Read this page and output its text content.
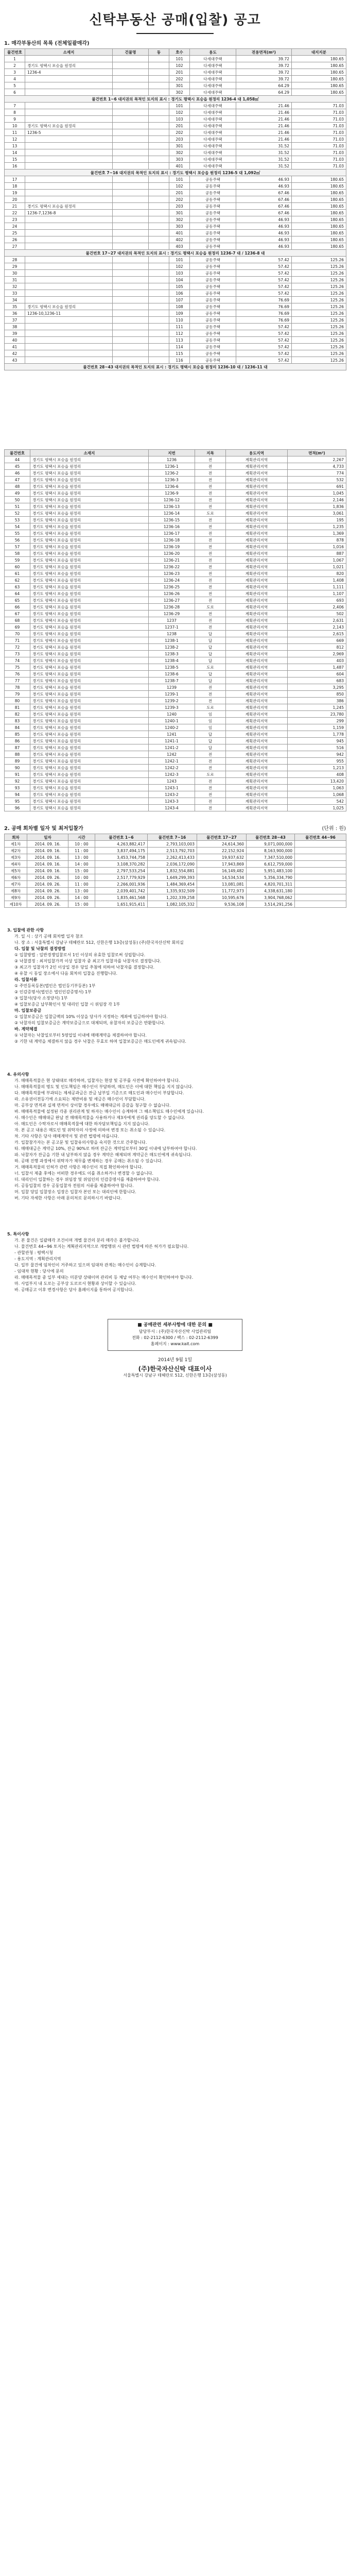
신탁부동산 공매(입찰) 공고
1. 매각부동산의 목록 (전체일괄매각)
물건번호	소재지	건물명	동	호수	용도	전용면적(m²)	대지지분
1				101	다세대주택	39.72	180.65
2	경기도 평택시 포승읍 원정리			102	다세대주택	39.72	180.65
3	1236-4			201	다세대주택	39.72	180.65
4				202	다세대주택	39.72	180.65
5				301	다세대주택	64.29	180.65
6				302	다세대주택	64.29	180.65
물건번호 1~6 대지권의 목적인 토지의 표시 : 경기도 평택시 포승읍 원정리 1236-4 대 1,058㎡							
7				101	다세대주택	21.46	71.03
8				102	다세대주택	21.46	71.03
9				103	다세대주택	21.46	71.03
10	경기도 평택시 포승읍 원정리			201	다세대주택	21.46	71.03
11	1236-5			202	다세대주택	21.46	71.03
12				203	다세대주택	21.46	71.03
13				301	다세대주택	31.52	71.03
14				302	다세대주택	31.52	71.03
15				303	다세대주택	31.52	71.03
16				401	다세대주택	31.52	71.03
물건번호 7~16 대지권의 목적인 토지의 표시 : 경기도 평택시 포승읍 원정리 1236-5 대 1,092㎡							
17				101	공동주택	46.93	180.65
18				102	공동주택	46.93	180.65
19				201	공동주택	67.46	180.65
20				202	공동주택	67.46	180.65
21	경기도 평택시 포승읍 원정리			203	공동주택	67.46	180.65
22	1236-7,1236-8			301	공동주택	67.46	180.65
23				302	공동주택	46.93	180.65
24				303	공동주택	46.93	180.65
25				401	공동주택	46.93	180.65
26				402	공동주택	46.93	180.65
27				403	공동주택	46.93	180.65
물건번호 17~27 대지권의 목적인 토지의 표시 : 경기도 평택시 포승읍 원정리 1236-7 대 / 1236-8 대							
28				101	공동주택	57.42	125.26
29				102	공동주택	57.42	125.26
30				103	공동주택	57.42	125.26
31				104	공동주택	57.42	125.26
32				105	공동주택	57.42	125.26
33				106	공동주택	57.42	125.26
34				107	공동주택	76.69	125.26
35	경기도 평택시 포승읍 원정리			108	공동주택	76.69	125.26
36	1236-10,1236-11			109	공동주택	76.69	125.26
37				110	공동주택	76.69	125.26
38				111	공동주택	57.42	125.26
39				112	공동주택	57.42	125.26
40				113	공동주택	57.42	125.26
41				114	공동주택	57.42	125.26
42				115	공동주택	57.42	125.26
43				116	공동주택	57.42	125.26
물건번호 28~43 대지권의 목적인 토지의 표시 : 경기도 평택시 포승읍 원정리 1236-10 대 / 1236-11 대							
물건번호	소재지	지번	지목	용도지역	면적(m²)
44	경기도 평택시 포승읍 원정리	1236	전	계획관리지역	2,267
45	경기도 평택시 포승읍 원정리	1236-1	전	계획관리지역	4,733
46	경기도 평택시 포승읍 원정리	1236-2	전	계획관리지역	774
47	경기도 평택시 포승읍 원정리	1236-3	전	계획관리지역	532
48	경기도 평택시 포승읍 원정리	1236-6	전	계획관리지역	691
49	경기도 평택시 포승읍 원정리	1236-9	전	계획관리지역	1,045
50	경기도 평택시 포승읍 원정리	1236-12	전	계획관리지역	2,146
51	경기도 평택시 포승읍 원정리	1236-13	전	계획관리지역	1,836
52	경기도 평택시 포승읍 원정리	1236-14	도로	계획관리지역	3,061
53	경기도 평택시 포승읍 원정리	1236-15	전	계획관리지역	195
54	경기도 평택시 포승읍 원정리	1236-16	전	계획관리지역	1,235
55	경기도 평택시 포승읍 원정리	1236-17	전	계획관리지역	1,369
56	경기도 평택시 포승읍 원정리	1236-18	전	계획관리지역	878
57	경기도 평택시 포승읍 원정리	1236-19	전	계획관리지역	1,016
58	경기도 평택시 포승읍 원정리	1236-20	전	계획관리지역	887
59	경기도 평택시 포승읍 원정리	1236-21	전	계획관리지역	1,067
60	경기도 평택시 포승읍 원정리	1236-22	전	계획관리지역	1,021
61	경기도 평택시 포승읍 원정리	1236-23	전	계획관리지역	820
62	경기도 평택시 포승읍 원정리	1236-24	전	계획관리지역	1,408
63	경기도 평택시 포승읍 원정리	1236-25	전	계획관리지역	1,111
64	경기도 평택시 포승읍 원정리	1236-26	전	계획관리지역	1,107
65	경기도 평택시 포승읍 원정리	1236-27	전	계획관리지역	693
66	경기도 평택시 포승읍 원정리	1236-28	도로	계획관리지역	2,406
67	경기도 평택시 포승읍 원정리	1236-29	전	계획관리지역	502
68	경기도 평택시 포승읍 원정리	1237	전	계획관리지역	2,631
69	경기도 평택시 포승읍 원정리	1237-1	전	계획관리지역	2,143
70	경기도 평택시 포승읍 원정리	1238	답	계획관리지역	2,615
71	경기도 평택시 포승읍 원정리	1238-1	답	계획관리지역	669
72	경기도 평택시 포승읍 원정리	1238-2	답	계획관리지역	812
73	경기도 평택시 포승읍 원정리	1238-3	답	계획관리지역	2,969
74	경기도 평택시 포승읍 원정리	1238-4	답	계획관리지역	403
75	경기도 평택시 포승읍 원정리	1238-5	도로	계획관리지역	1,487
76	경기도 평택시 포승읍 원정리	1238-6	답	계획관리지역	604
77	경기도 평택시 포승읍 원정리	1238-7	답	계획관리지역	683
78	경기도 평택시 포승읍 원정리	1239	전	계획관리지역	3,295
79	경기도 평택시 포승읍 원정리	1239-1	전	계획관리지역	850
80	경기도 평택시 포승읍 원정리	1239-2	전	계획관리지역	386
81	경기도 평택시 포승읍 원정리	1239-3	도로	계획관리지역	1,245
82	경기도 평택시 포승읍 원정리	1240	임	계획관리지역	23,780
83	경기도 평택시 포승읍 원정리	1240-1	임	계획관리지역	299
84	경기도 평택시 포승읍 원정리	1240-2	임	계획관리지역	1,159
85	경기도 평택시 포승읍 원정리	1241	답	계획관리지역	1,778
86	경기도 평택시 포승읍 원정리	1241-1	답	계획관리지역	945
87	경기도 평택시 포승읍 원정리	1241-2	답	계획관리지역	516
88	경기도 평택시 포승읍 원정리	1242	전	계획관리지역	942
89	경기도 평택시 포승읍 원정리	1242-1	전	계획관리지역	955
90	경기도 평택시 포승읍 원정리	1242-2	전	계획관리지역	1,213
91	경기도 평택시 포승읍 원정리	1242-3	도로	계획관리지역	408
92	경기도 평택시 포승읍 원정리	1243	전	계획관리지역	13,420
93	경기도 평택시 포승읍 원정리	1243-1	전	계획관리지역	1,063
94	경기도 평택시 포승읍 원정리	1243-2	전	계획관리지역	1,068
95	경기도 평택시 포승읍 원정리	1243-3	전	계획관리지역	542
96	경기도 평택시 포승읍 원정리	1243-4	전	계획관리지역	1,025
2. 공매 회차별 일자 및 최저입찰가	(단위 : 원)
회차	일자	시간	물건번호 1~6	물건번호 7~16	물건번호 17~27	물건번호 28~43	물건번호 44~96
제1차	2014. 09. 16.	10 : 00	4,263,882,417	2,793,103,003	24,614,360	9,071,000,000	
제2차	2014. 09. 16.	11 : 00	3,837,494,175	2,513,792,703	22,152,924	8,163,900,000	
제3차	2014. 09. 16.	13 : 00	3,453,744,758	2,262,413,433	19,937,632	7,347,510,000	
제4차	2014. 09. 16.	14 : 00	3,108,370,282	2,036,172,090	17,943,869	6,612,759,000	
제5차	2014. 09. 16.	15 : 00	2,797,533,254	1,832,554,881	16,149,482	5,951,483,100	
제6차	2014. 09. 26.	10 : 00	2,517,779,929	1,649,299,393	14,534,534	5,356,334,790	
제7차	2014. 09. 26.	11 : 00	2,266,001,936	1,484,369,454	13,081,081	4,820,701,311	
제8차	2014. 09. 26.	13 : 00	2,039,401,742	1,335,932,509	11,772,973	4,338,631,180	
제9차	2014. 09. 26.	14 : 00	1,835,461,568	1,202,339,258	10,595,676	3,904,768,062	
제10차	2014. 09. 26.	15 : 00	1,651,915,411	1,082,105,332	9,536,108	3,514,291,256	
3. 입찰에 관한 사항
가. 일 시 : 상기 공매 회차별 일자 참조
나. 장 소 : 서울특별시 강남구 테헤란로 512, 신한은행 13층(삼성동) (주)한국자산신탁 회의실
다. 입찰 및 낙찰의 결정방법
① 입찰방법 : 일반경쟁입찰로서 1인 이상의 유효한 입찰로써 성립합니다.
② 낙찰결정 : 최저입찰가격 이상 입찰자 중 최고가 입찰자를 낙찰자로 결정합니다.
③ 최고가 입찰자가 2인 이상일 경우 당일 추첨에 의하여 낙찰자를 결정합니다.
④ 유찰 시 동일 장소에서 다음 회차의 입찰을 진행합니다.
라. 입찰서류
① 주민등록등본(법인은 법인등기부등본) 1부
② 인감증명서(법인은 법인인감증명서) 1부
③ 입찰서(당사 소정양식) 1부
④ 입찰보증금 납부확인서 및 대리인 입찰 시 위임장 각 1부
마. 입찰보증금
① 입찰보증금은 입찰금액의 10% 이상을 당사가 지정하는 계좌에 입금하여야 합니다.
② 낙찰자의 입찰보증금은 계약보증금으로 대체되며, 유찰자의 보증금은 반환합니다.
바. 계약체결
① 낙찰자는 낙찰일로부터 5영업일 이내에 매매계약을 체결하여야 합니다.
② 기한 내 계약을 체결하지 않을 경우 낙찰은 무효로 하며 입찰보증금은 매도인에게 귀속됩니다.
4. 유의사항
가. 매매목적물은 현 상태대로 매각하며, 입찰자는 현장 및 공부를 사전에 확인하여야 합니다.
나. 매매목적물의 명도 및 인도책임은 매수인이 부담하며, 매도인은 이에 대한 책임을 지지 않습니다.
다. 매매목적물에 부과되는 제세공과금은 잔금 납부일 기준으로 매도인과 매수인이 부담합니다.
라. 소유권이전등기에 소요되는 제반비용 및 세금은 매수인이 부담합니다.
마. 공부상 면적과 실제 면적이 상이할 경우에도 매매대금의 증감을 청구할 수 없습니다.
바. 매매목적물에 설정된 각종 권리관계 및 하자는 매수인이 승계하며 그 해소책임도 매수인에게 있습니다.
사. 매수인은 매매대금 완납 전 매매목적물을 사용하거나 제3자에게 권리를 양도할 수 없습니다.
아. 매도인은 수탁자로서 매매목적물에 대한 하자담보책임을 지지 않습니다.
자. 본 공고 내용은 매도인 및 위탁자의 사정에 의하여 변경 또는 취소될 수 있습니다.
차. 기타 사항은 당사 매매계약서 및 관련 법령에 따릅니다.
카. 입찰참가자는 본 공고문 및 입찰유의사항을 숙지한 것으로 간주합니다.
타. 매매대금은 계약금 10%, 잔금 90%로 하며 잔금은 계약일로부터 30일 이내에 납부하여야 합니다.
파. 낙찰자가 잔금을 기한 내 납부하지 않을 경우 계약은 해제되며 계약금은 매도인에게 귀속됩니다.
하. 공매 진행 과정에서 위탁자가 채무를 변제하는 경우 공매는 취소될 수 있습니다.
거. 매매목적물의 인허가 관련 사항은 매수인이 직접 확인하여야 합니다.
너. 입찰서 제출 후에는 어떠한 경우에도 이를 취소하거나 변경할 수 없습니다.
더. 대리인이 입찰하는 경우 위임장 및 위임인의 인감증명서를 제출하여야 합니다.
러. 공동입찰의 경우 공동입찰자 전원의 서류를 제출하여야 합니다.
머. 입찰 당일 입찰장소 입장은 입찰자 본인 또는 대리인에 한합니다.
버. 기타 자세한 사항은 아래 문의처로 문의하시기 바랍니다.
5. 특이사항
가. 본 물건은 일괄매각 조건이며 개별 물건의 분리 매각은 불가합니다.
나. 물건번호 44~96 토지는 계획관리지역으로 개발행위 시 관련 법령에 따른 허가가 필요합니다.
- 관할관청 : 평택시청
- 용도지역 : 계획관리지역
다. 일부 물건에 임차인이 거주하고 있으며 임대차 관계는 매수인이 승계합니다.
- 임대차 현황 : 당사에 문의
라. 매매목적물 중 일부 세대는 미분양 상태이며 관리비 등 체납 여부는 매수인이 확인하여야 합니다.
마. 사업부지 내 도로는 공부상 도로로서 현황과 상이할 수 있습니다.
바. 공매공고 이후 변경사항은 당사 홈페이지를 통하여 공지합니다.
■ 공매관련 세부사항에 대한 문의 ■
담당부서 : (주)한국자산신탁 사업관리팀
전화 : 02-2112-6300 / 팩스 : 02-2112-6399
홈페이지 : www.kait.com
2014년 9월 1일
(주)한국자산신탁 대표이사
서울특별시 강남구 테헤란로 512, 신한은행 13층(삼성동)
